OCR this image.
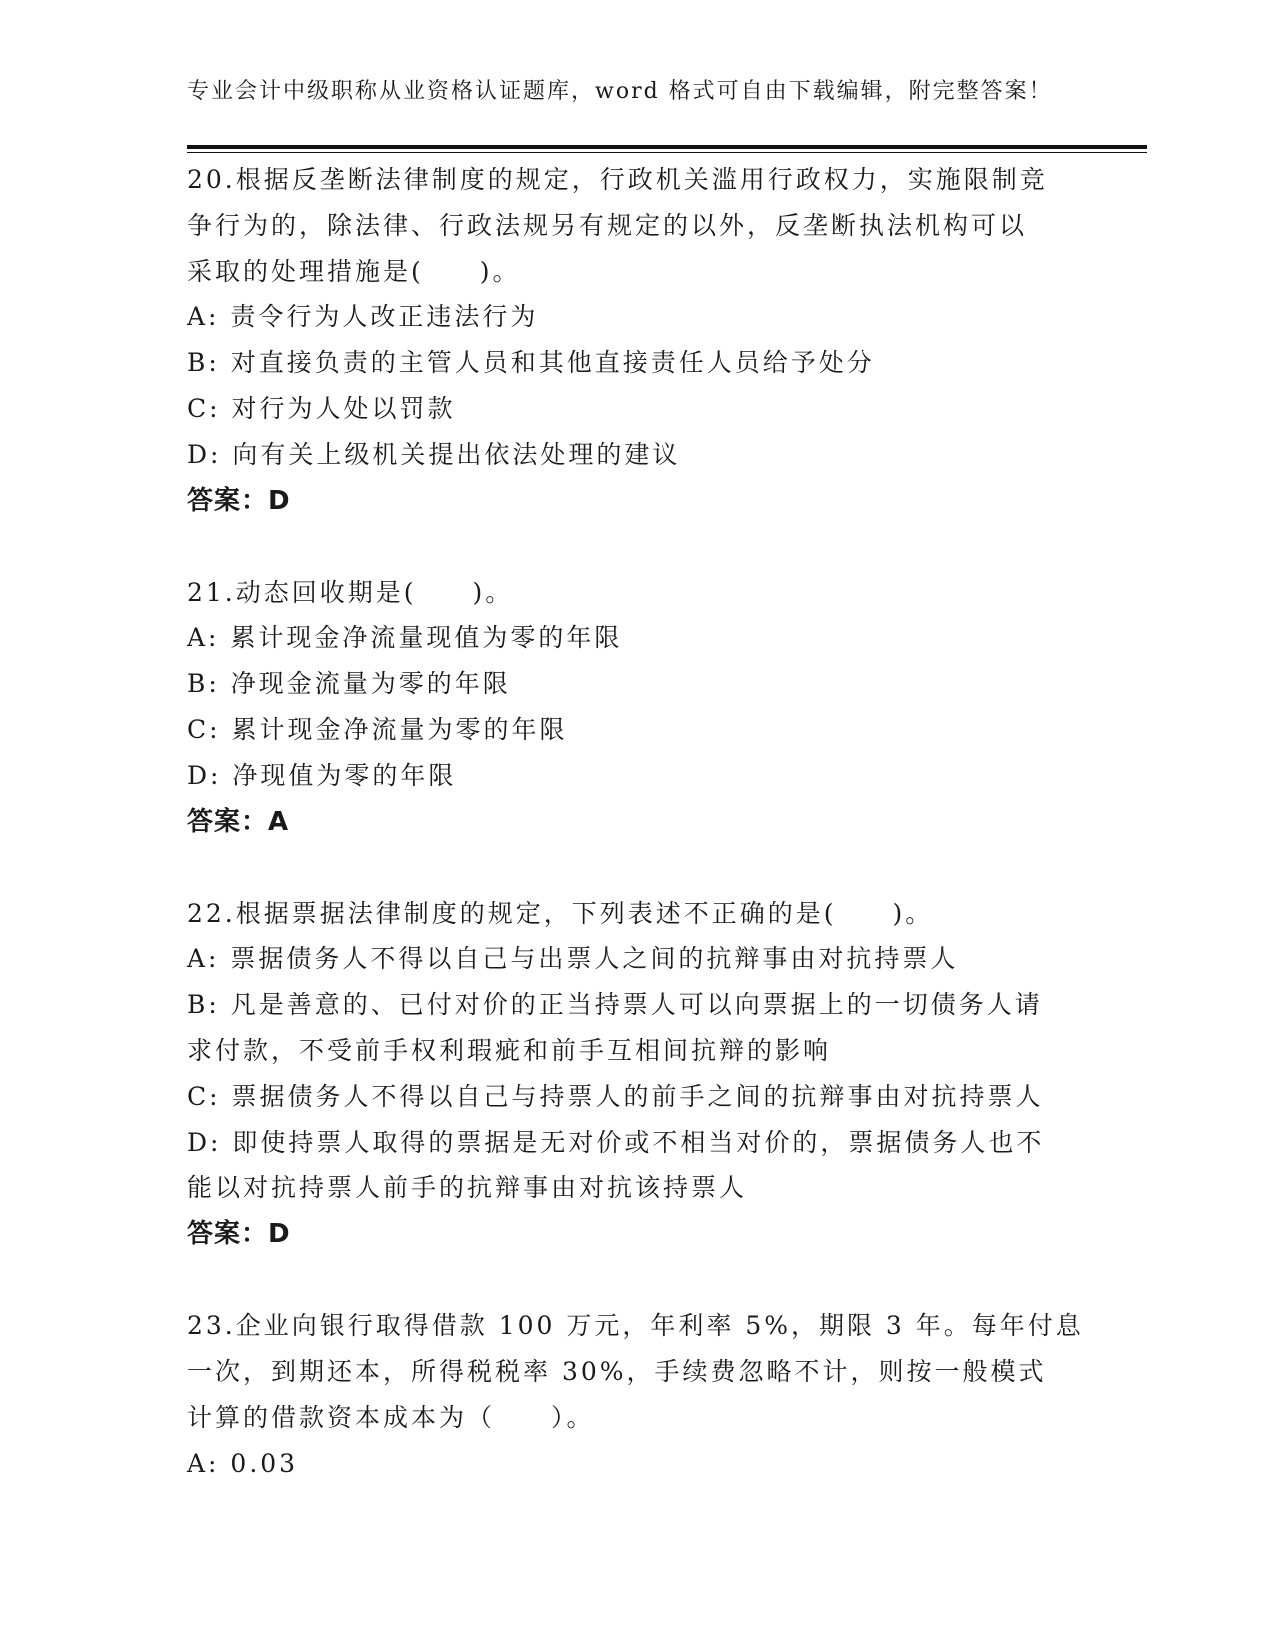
专业会计中级职称从业资格认证题库，word 格式可自由下载编辑，附完整答案！
20.根据反垄断法律制度的规定，行政机关滥用行政权力，实施限制竞
争行为的，除法律、行政法规另有规定的以外，反垄断执法机构可以
采取的处理措施是(　　)。
A: 责令行为人改正违法行为
B: 对直接负责的主管人员和其他直接责任人员给予处分
C: 对行为人处以罚款
D: 向有关上级机关提出依法处理的建议
答案：D
21.动态回收期是(　　)。
A: 累计现金净流量现值为零的年限
B: 净现金流量为零的年限
C: 累计现金净流量为零的年限
D: 净现值为零的年限
答案：A
22.根据票据法律制度的规定，下列表述不正确的是(　　)。
A: 票据债务人不得以自己与出票人之间的抗辩事由对抗持票人
B: 凡是善意的、已付对价的正当持票人可以向票据上的一切债务人请
求付款，不受前手权利瑕疵和前手互相间抗辩的影响
C: 票据债务人不得以自己与持票人的前手之间的抗辩事由对抗持票人
D: 即使持票人取得的票据是无对价或不相当对价的，票据债务人也不
能以对抗持票人前手的抗辩事由对抗该持票人
答案：D
23.企业向银行取得借款 100 万元，年利率 5%，期限 3 年。每年付息
一次，到期还本，所得税税率 30%，手续费忽略不计，则按一般模式
计算的借款资本成本为（　　）。
A: 0.03
